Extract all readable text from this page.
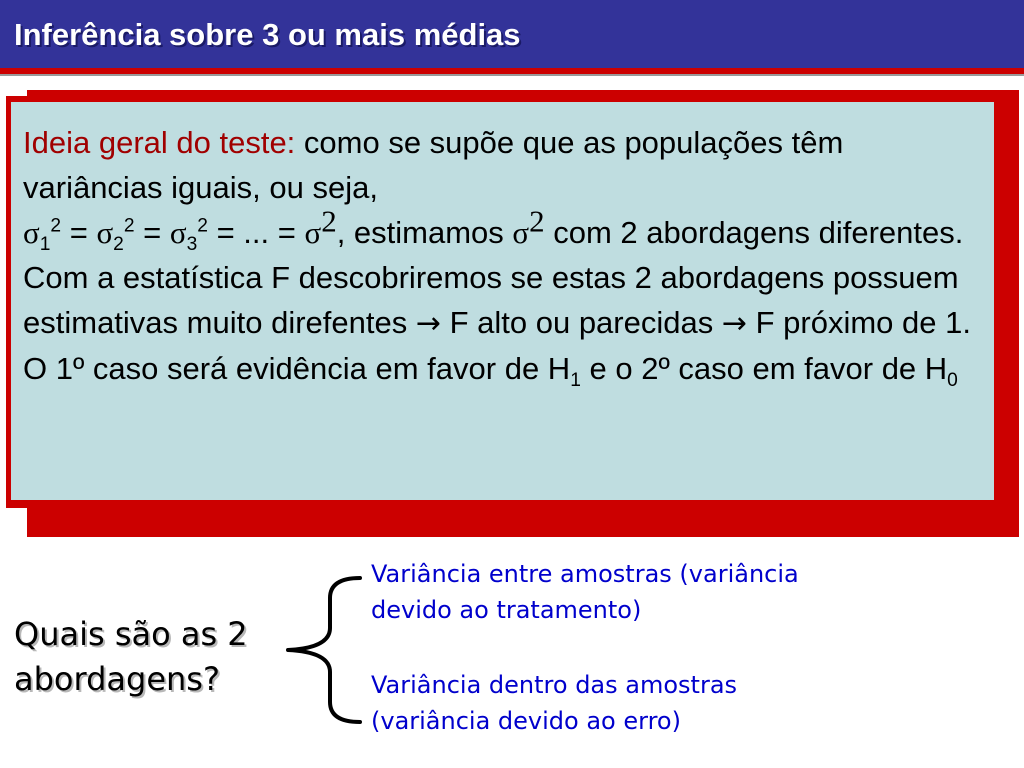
Inferência sobre 3 ou mais médias
Ideia geral do teste: como se supõe que as populações têm variâncias iguais, ou seja,
$\sigma_1^2 = \sigma_2^2 = \sigma_3^2$ = ... = $\sigma^2$, estimamos $\sigma^2$ com 2 abordagens diferentes.
Com a estatística F descobriremos se estas 2 abordagens possuem estimativas muito direfentes → F alto ou parecidas → F próximo de 1. O 1º caso será evidência em favor de $H_1$ e o 2º caso em favor de $H_0$
Quais são as 2
abordagens?
Variância entre amostras (variância
devido ao tratamento)
Variância dentro das amostras
(variância devido ao erro)
